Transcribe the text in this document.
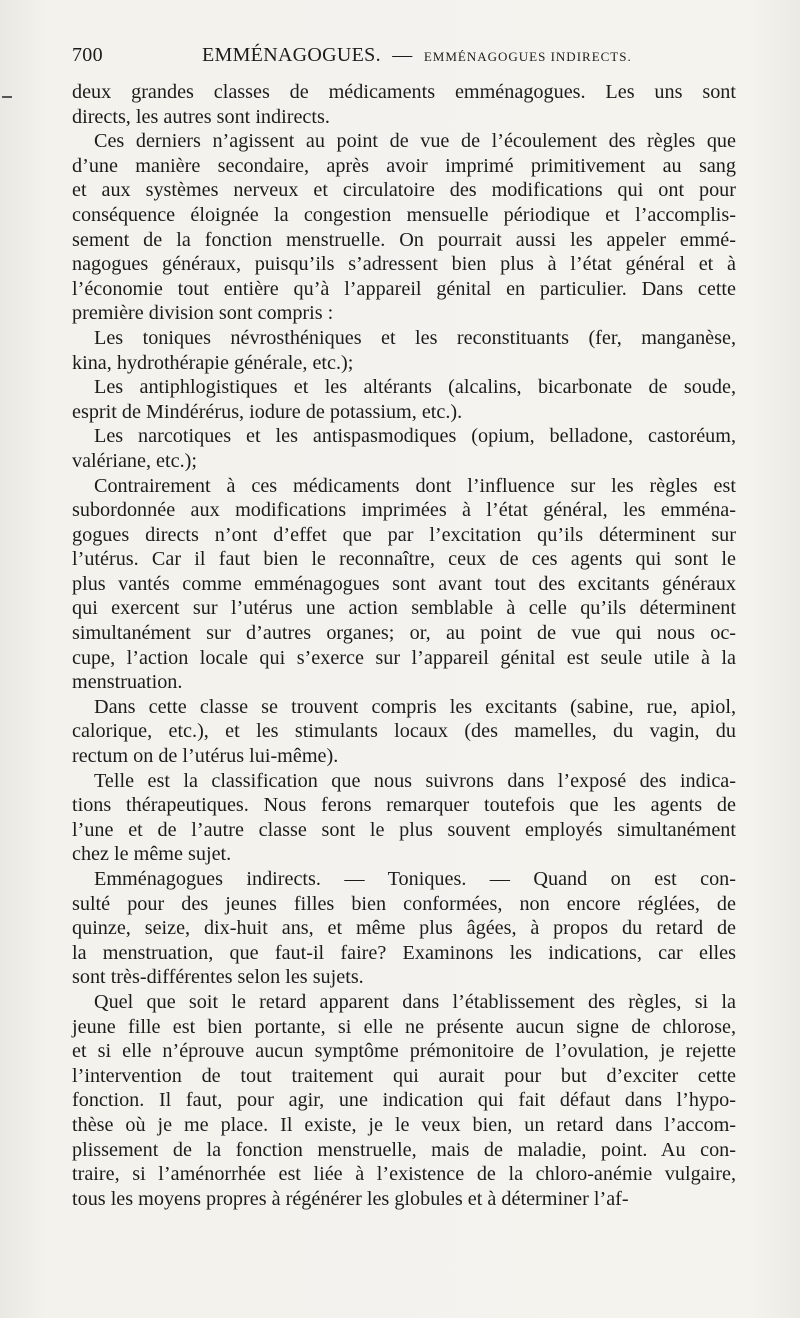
700	EMMÉNAGOGUES. — EMMÉNAGOGUES INDIRECTS.
deux grandes classes de médicaments emménagogues. Les uns sont
directs, les autres sont indirects.
Ces derniers n’agissent au point de vue de l’écoulement des règles que
d’une manière secondaire, après avoir imprimé primitivement au sang
et aux systèmes nerveux et circulatoire des modifications qui ont pour
conséquence éloignée la congestion mensuelle périodique et l’accomplis-
sement de la fonction menstruelle. On pourrait aussi les appeler emmé-
nagogues généraux, puisqu’ils s’adressent bien plus à l’état général et à
l’économie tout entière qu’à l’appareil génital en particulier. Dans cette
première division sont compris :
Les toniques névrosthéniques et les reconstituants (fer, manganèse,
kina, hydrothérapie générale, etc.);
Les antiphlogistiques et les altérants (alcalins, bicarbonate de soude,
esprit de Mindérérus, iodure de potassium, etc.).
Les narcotiques et les antispasmodiques (opium, belladone, castoréum,
valériane, etc.);
Contrairement à ces médicaments dont l’influence sur les règles est
subordonnée aux modifications imprimées à l’état général, les emména-
gogues directs n’ont d’effet que par l’excitation qu’ils déterminent sur
l’utérus. Car il faut bien le reconnaître, ceux de ces agents qui sont le
plus vantés comme emménagogues sont avant tout des excitants généraux
qui exercent sur l’utérus une action semblable à celle qu’ils déterminent
simultanément sur d’autres organes; or, au point de vue qui nous oc-
cupe, l’action locale qui s’exerce sur l’appareil génital est seule utile à la
menstruation.
Dans cette classe se trouvent compris les excitants (sabine, rue, apiol,
calorique, etc.), et les stimulants locaux (des mamelles, du vagin, du
rectum on de l’utérus lui-même).
Telle est la classification que nous suivrons dans l’exposé des indica-
tions thérapeutiques. Nous ferons remarquer toutefois que les agents de
l’une et de l’autre classe sont le plus souvent employés simultanément
chez le même sujet.
Emménagogues indirects. — Toniques. — Quand on est con-
sulté pour des jeunes filles bien conformées, non encore réglées, de
quinze, seize, dix-huit ans, et même plus âgées, à propos du retard de
la menstruation, que faut-il faire? Examinons les indications, car elles
sont très-différentes selon les sujets.
Quel que soit le retard apparent dans l’établissement des règles, si la
jeune fille est bien portante, si elle ne présente aucun signe de chlorose,
et si elle n’éprouve aucun symptôme prémonitoire de l’ovulation, je rejette
l’intervention de tout traitement qui aurait pour but d’exciter cette
fonction. Il faut, pour agir, une indication qui fait défaut dans l’hypo-
thèse où je me place. Il existe, je le veux bien, un retard dans l’accom-
plissement de la fonction menstruelle, mais de maladie, point. Au con-
traire, si l’aménorrhée est liée à l’existence de la chloro-anémie vulgaire,
tous les moyens propres à régénérer les globules et à déterminer l’af-
